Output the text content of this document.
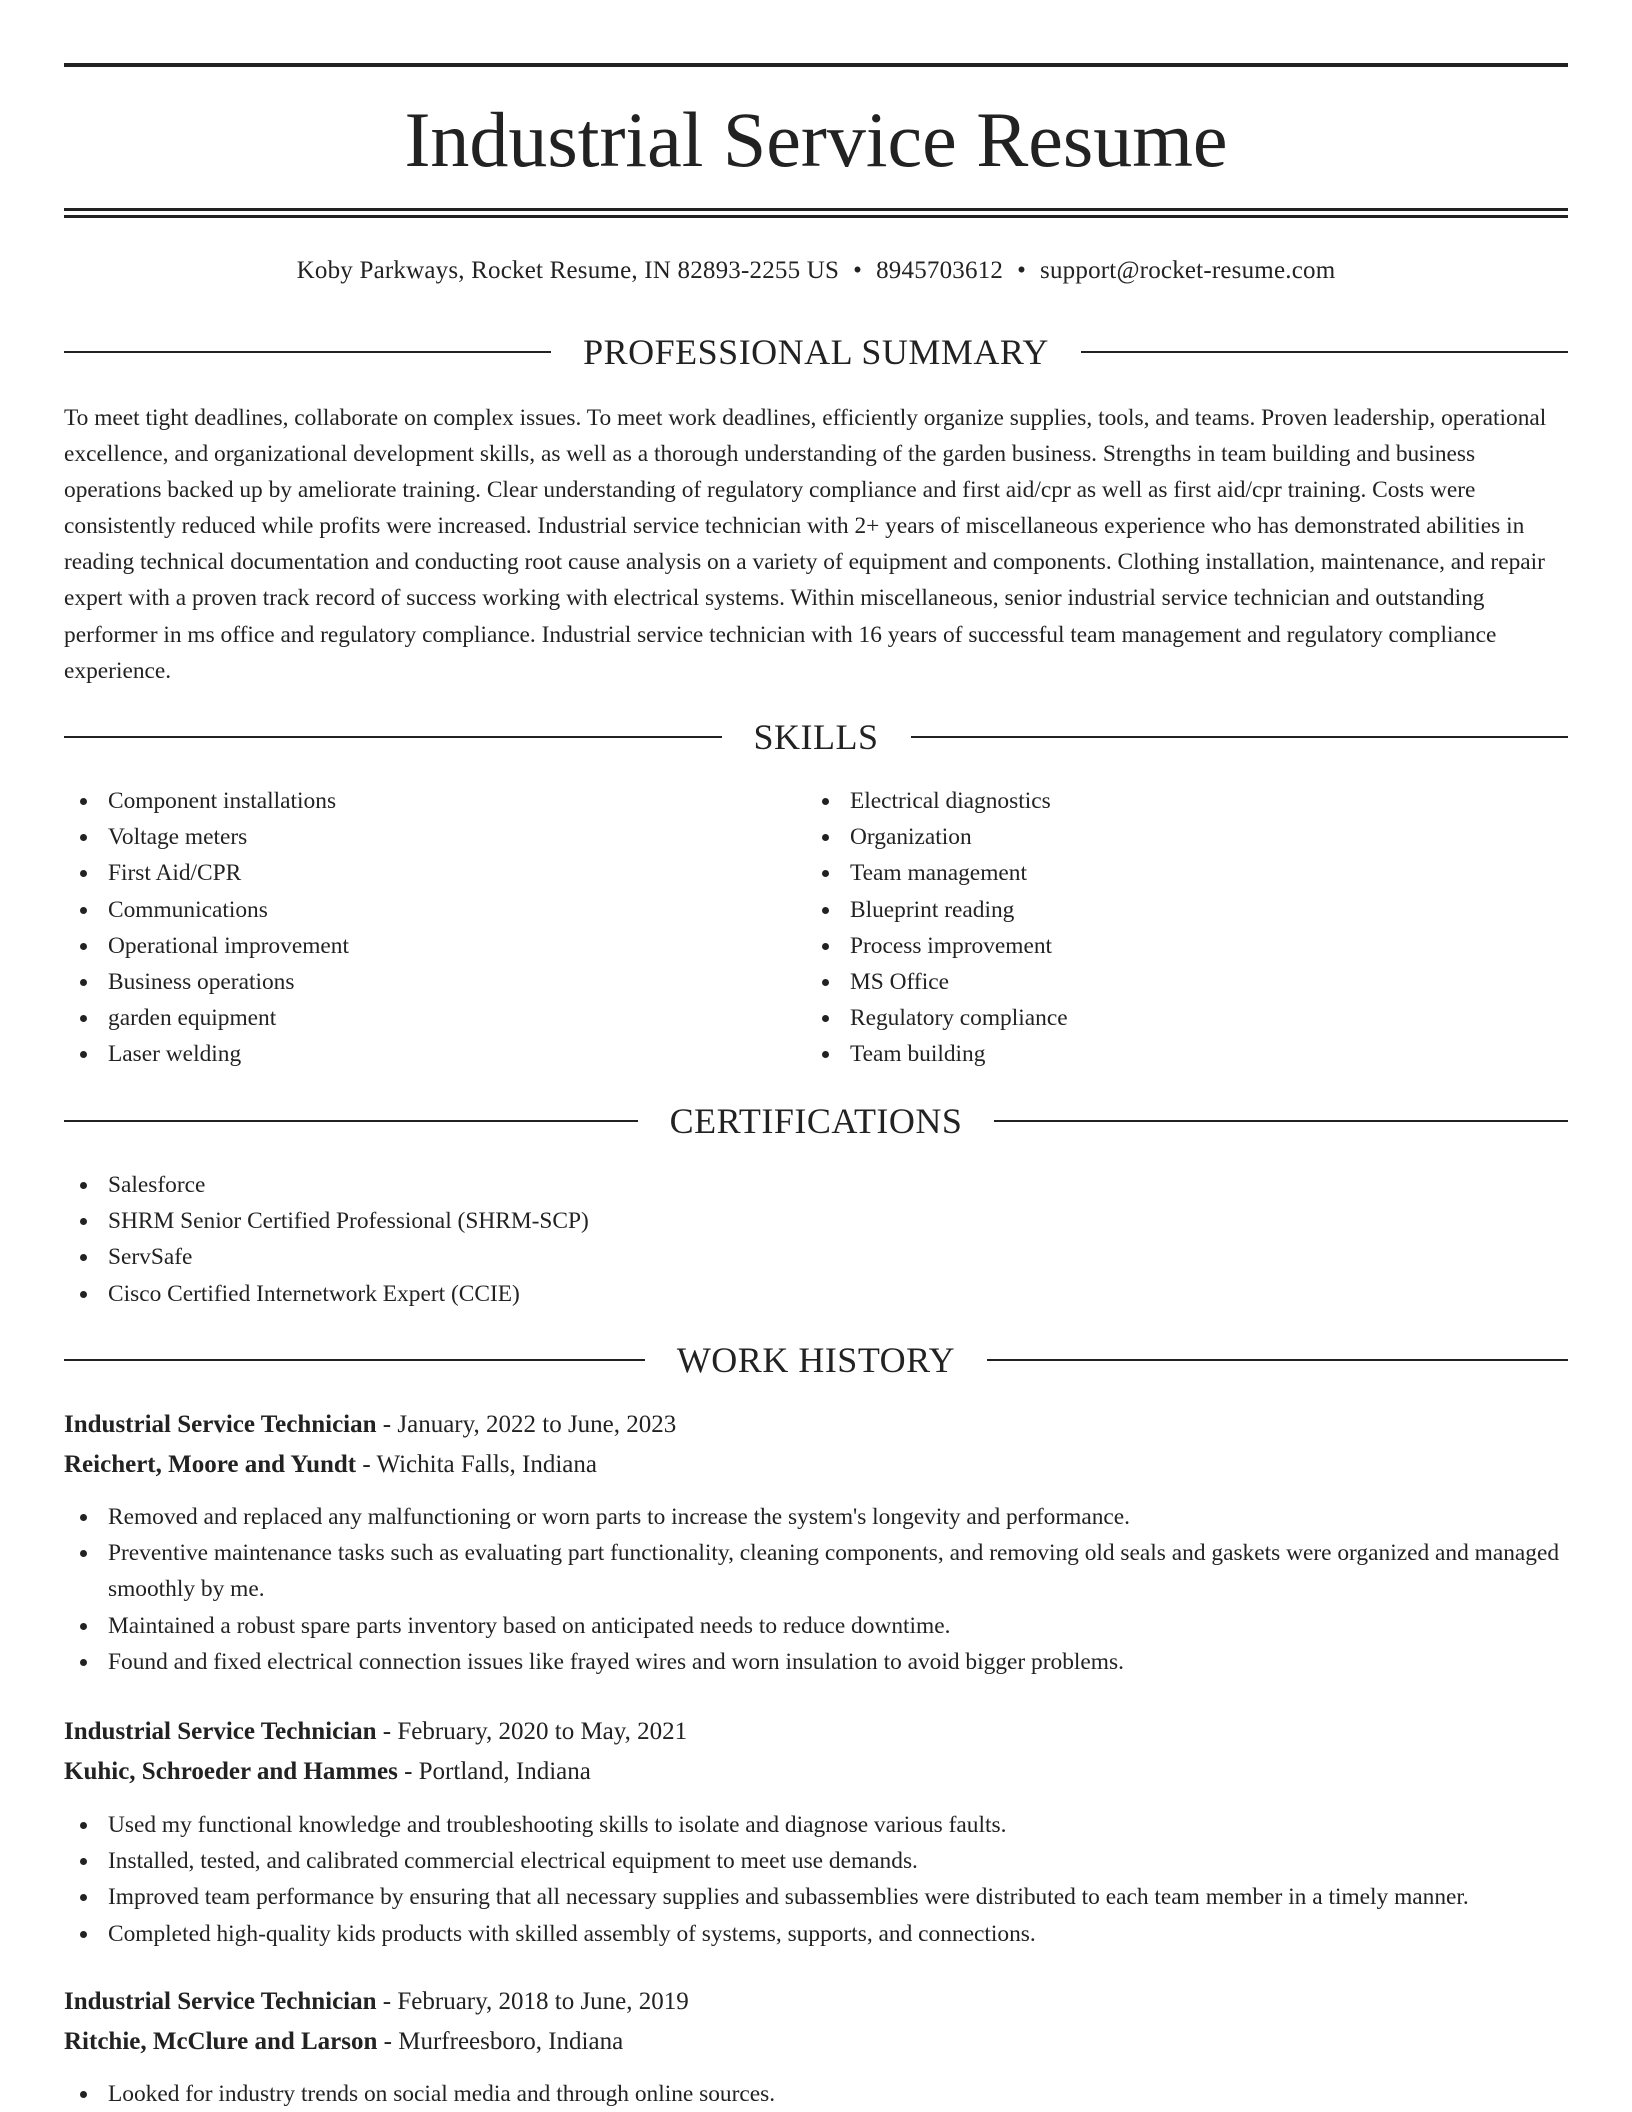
Industrial Service Resume
Koby Parkways, Rocket Resume, IN 82893-2255 US • 8945703612 • support@rocket-resume.com
PROFESSIONAL SUMMARY

To meet tight deadlines, collaborate on complex issues. To meet work deadlines, efficiently organize supplies, tools, and teams. Proven leadership, operational excellence, and organizational development skills, as well as a thorough understanding of the garden business. Strengths in team building and business operations backed up by ameliorate training. Clear understanding of regulatory compliance and first aid/cpr as well as first aid/cpr training. Costs were consistently reduced while profits were increased. Industrial service technician with 2+ years of miscellaneous experience who has demonstrated abilities in reading technical documentation and conducting root cause analysis on a variety of equipment and components. Clothing installation, maintenance, and repair expert with a proven track record of success working with electrical systems. Within miscellaneous, senior industrial service technician and outstanding performer in ms office and regulatory compliance. Industrial service technician with 16 years of successful team management and regulatory compliance experience.

SKILLS
Component installations
Voltage meters
First Aid/CPR
Communications
Operational improvement
Business operations
garden equipment
Laser welding
Electrical diagnostics
Organization
Team management
Blueprint reading
Process improvement
MS Office
Regulatory compliance
Team building
CERTIFICATIONS
Salesforce
SHRM Senior Certified Professional (SHRM-SCP)
ServSafe
Cisco Certified Internetwork Expert (CCIE)
WORK HISTORY
Industrial Service Technician - January, 2022 to June, 2023
Reichert, Moore and Yundt - Wichita Falls, Indiana
Removed and replaced any malfunctioning or worn parts to increase the system's longevity and performance.
Preventive maintenance tasks such as evaluating part functionality, cleaning components, and removing old seals and gaskets were organized and managed smoothly by me.
Maintained a robust spare parts inventory based on anticipated needs to reduce downtime.
Found and fixed electrical connection issues like frayed wires and worn insulation to avoid bigger problems.
Industrial Service Technician - February, 2020 to May, 2021
Kuhic, Schroeder and Hammes - Portland, Indiana
Used my functional knowledge and troubleshooting skills to isolate and diagnose various faults.
Installed, tested, and calibrated commercial electrical equipment to meet use demands.
Improved team performance by ensuring that all necessary supplies and subassemblies were distributed to each team member in a timely manner.
Completed high-quality kids products with skilled assembly of systems, supports, and connections.
Industrial Service Technician - February, 2018 to June, 2019
Ritchie, McClure and Larson - Murfreesboro, Indiana
Looked for industry trends on social media and through online sources.
